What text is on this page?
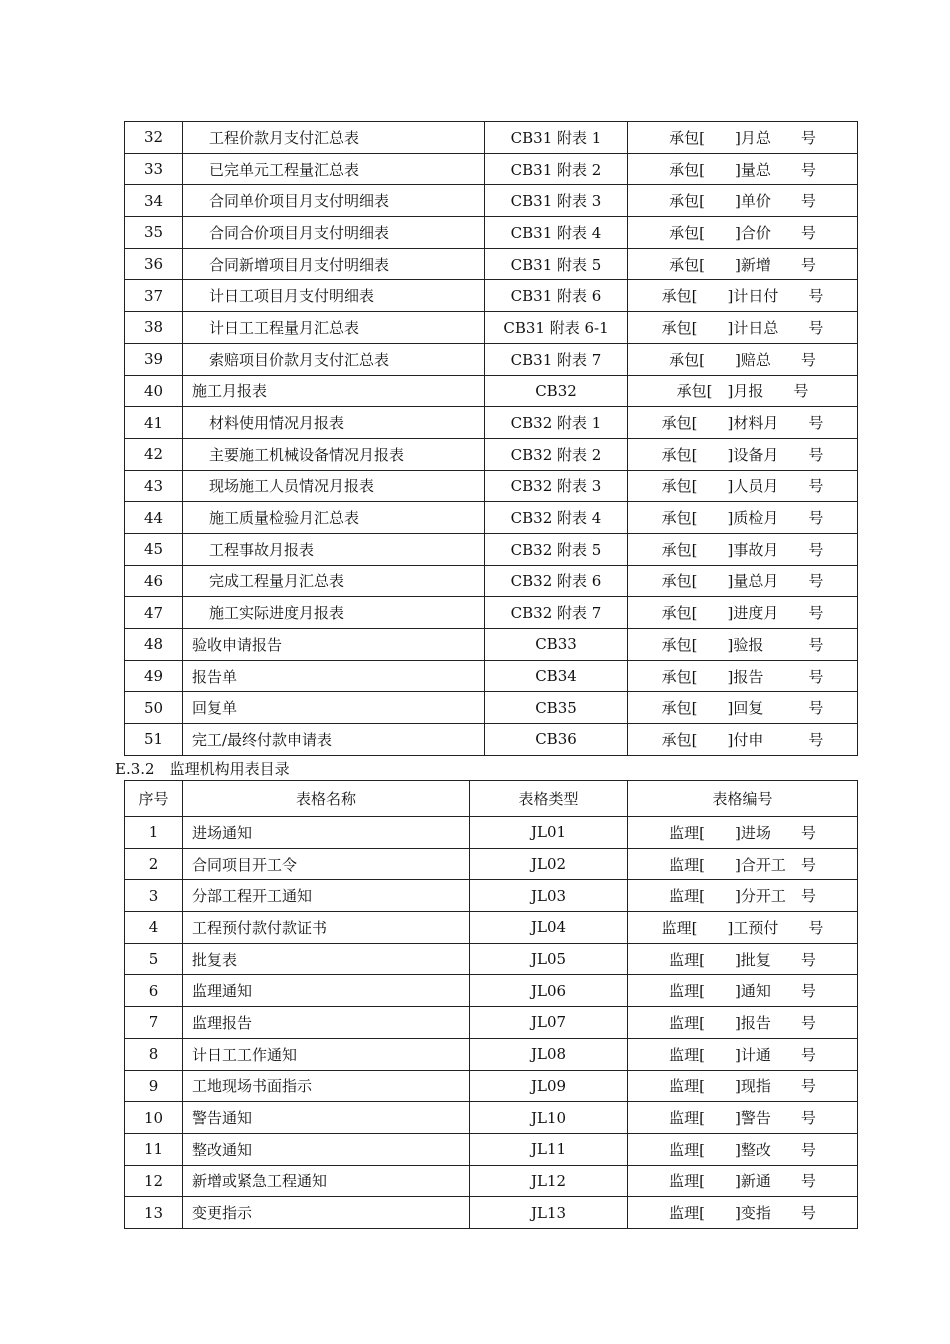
32	工程价款月支付汇总表	CB31 附表 1	承包[　　]月总　　号
33	已完单元工程量汇总表	CB31 附表 2	承包[　　]量总　　号
34	合同单价项目月支付明细表	CB31 附表 3	承包[　　]单价　　号
35	合同合价项目月支付明细表	CB31 附表 4	承包[　　]合价　　号
36	合同新增项目月支付明细表	CB31 附表 5	承包[　　]新增　　号
37	计日工项目月支付明细表	CB31 附表 6	承包[　　]计日付　　号
38	计日工工程量月汇总表	CB31 附表 6-1	承包[　　]计日总　　号
39	索赔项目价款月支付汇总表	CB31 附表 7	承包[　　]赔总　　号
40	施工月报表	CB32	承包[　]月报　　号
41	材料使用情况月报表	CB32 附表 1	承包[　　]材料月　　号
42	主要施工机械设备情况月报表	CB32 附表 2	承包[　　]设备月　　号
43	现场施工人员情况月报表	CB32 附表 3	承包[　　]人员月　　号
44	施工质量检验月汇总表	CB32 附表 4	承包[　　]质检月　　号
45	工程事故月报表	CB32 附表 5	承包[　　]事故月　　号
46	完成工程量月汇总表	CB32 附表 6	承包[　　]量总月　　号
47	施工实际进度月报表	CB32 附表 7	承包[　　]进度月　　号
48	验收申请报告	CB33	承包[　　]验报　　　号
49	报告单	CB34	承包[　　]报告　　　号
50	回复单	CB35	承包[　　]回复　　　号
51	完工/最终付款申请表	CB36	承包[　　]付申　　　号
E.3.2　监理机构用表目录
序号	表格名称	表格类型	表格编号
1	进场通知	JL01	监理[　　]进场　　号
2	合同项目开工令	JL02	监理[　　]合开工　号
3	分部工程开工通知	JL03	监理[　　]分开工　号
4	工程预付款付款证书	JL04	监理[　　]工预付　　号
5	批复表	JL05	监理[　　]批复　　号
6	监理通知	JL06	监理[　　]通知　　号
7	监理报告	JL07	监理[　　]报告　　号
8	计日工工作通知	JL08	监理[　　]计通　　号
9	工地现场书面指示	JL09	监理[　　]现指　　号
10	警告通知	JL10	监理[　　]警告　　号
11	整改通知	JL11	监理[　　]整改　　号
12	新增或紧急工程通知	JL12	监理[　　]新通　　号
13	变更指示	JL13	监理[　　]变指　　号
